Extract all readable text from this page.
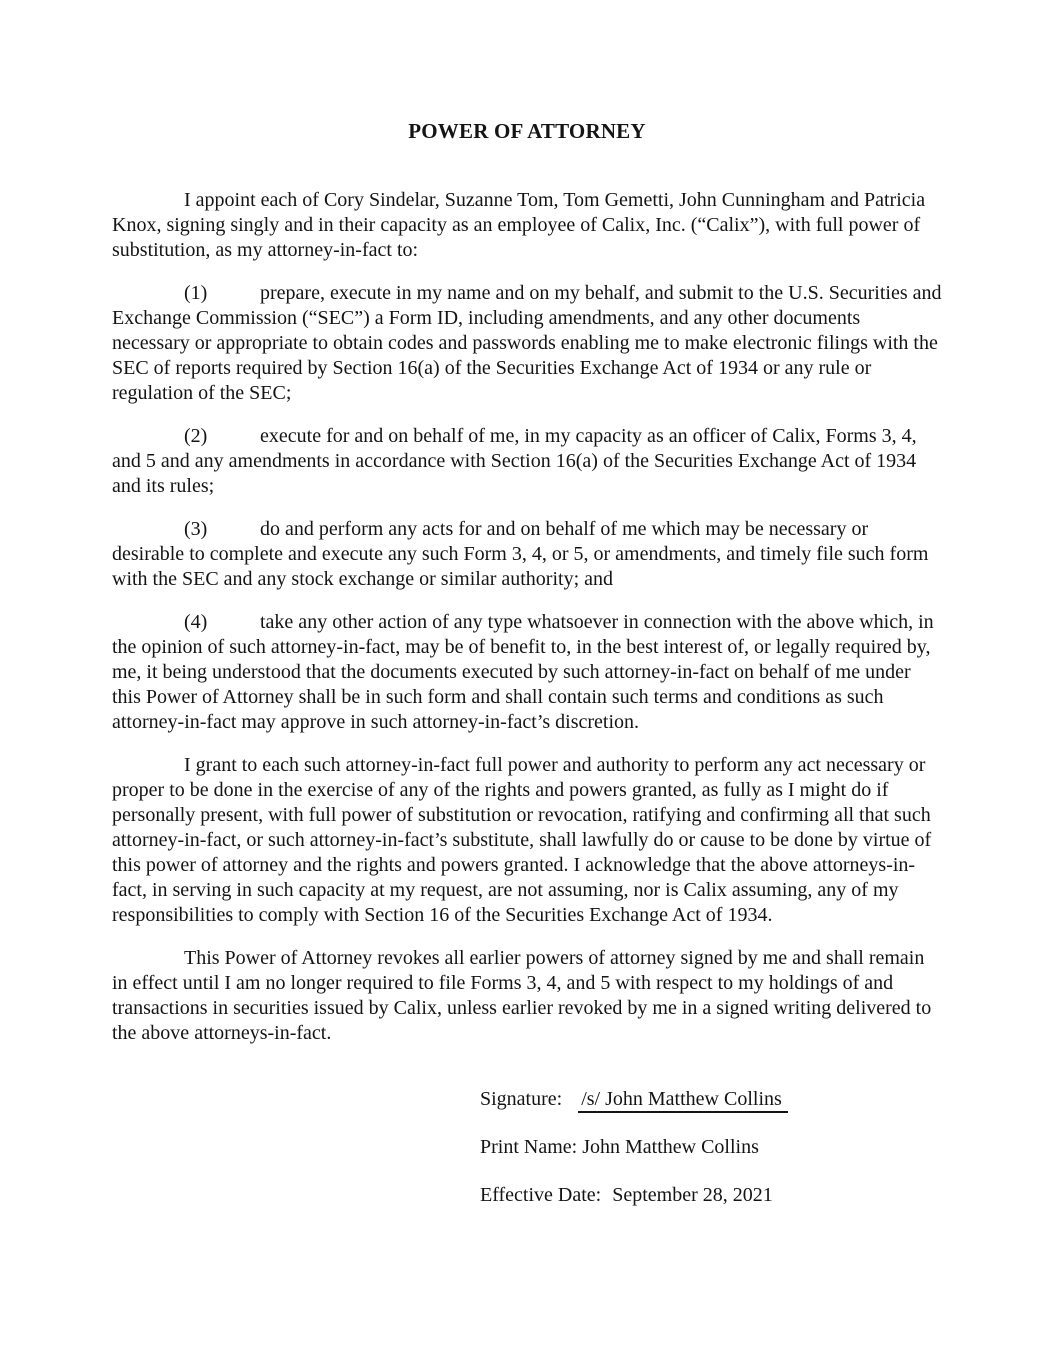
POWER OF ATTORNEY

I appoint each of Cory Sindelar, Suzanne Tom, Tom Gemetti, John Cunningham and Patricia Knox, signing singly and in their capacity as an employee of Calix, Inc. (“Calix”), with full power of substitution, as my attorney-in-fact to:

(1)	prepare, execute in my name and on my behalf, and submit to the U.S. Securities and Exchange Commission (“SEC”) a Form ID, including amendments, and any other documents necessary or appropriate to obtain codes and passwords enabling me to make electronic filings with the SEC of reports required by Section 16(a) of the Securities Exchange Act of 1934 or any rule or regulation of the SEC;

(2)	execute for and on behalf of me, in my capacity as an officer of Calix, Forms 3, 4, and 5 and any amendments in accordance with Section 16(a) of the Securities Exchange Act of 1934 and its rules;

(3)	do and perform any acts for and on behalf of me which may be necessary or desirable to complete and execute any such Form 3, 4, or 5, or amendments, and timely file such form with the SEC and any stock exchange or similar authority; and

(4)	take any other action of any type whatsoever in connection with the above which, in the opinion of such attorney-in-fact, may be of benefit to, in the best interest of, or legally required by, me, it being understood that the documents executed by such attorney-in-fact on behalf of me under this Power of Attorney shall be in such form and shall contain such terms and conditions as such attorney-in-fact may approve in such attorney-in-fact’s discretion.

I grant to each such attorney-in-fact full power and authority to perform any act necessary or proper to be done in the exercise of any of the rights and powers granted, as fully as I might do if personally present, with full power of substitution or revocation, ratifying and confirming all that such attorney-in-fact, or such attorney-in-fact’s substitute, shall lawfully do or cause to be done by virtue of this power of attorney and the rights and powers granted. I acknowledge that the above attorneys-in-fact, in serving in such capacity at my request, are not assuming, nor is Calix assuming, any of my responsibilities to comply with Section 16 of the Securities Exchange Act of 1934.

This Power of Attorney revokes all earlier powers of attorney signed by me and shall remain in effect until I am no longer required to file Forms 3, 4, and 5 with respect to my holdings of and transactions in securities issued by Calix, unless earlier revoked by me in a signed writing delivered to the above attorneys-in-fact.

Signature: /s/ John Matthew Collins
Print Name: John Matthew Collins
Effective Date: September 28, 2021
